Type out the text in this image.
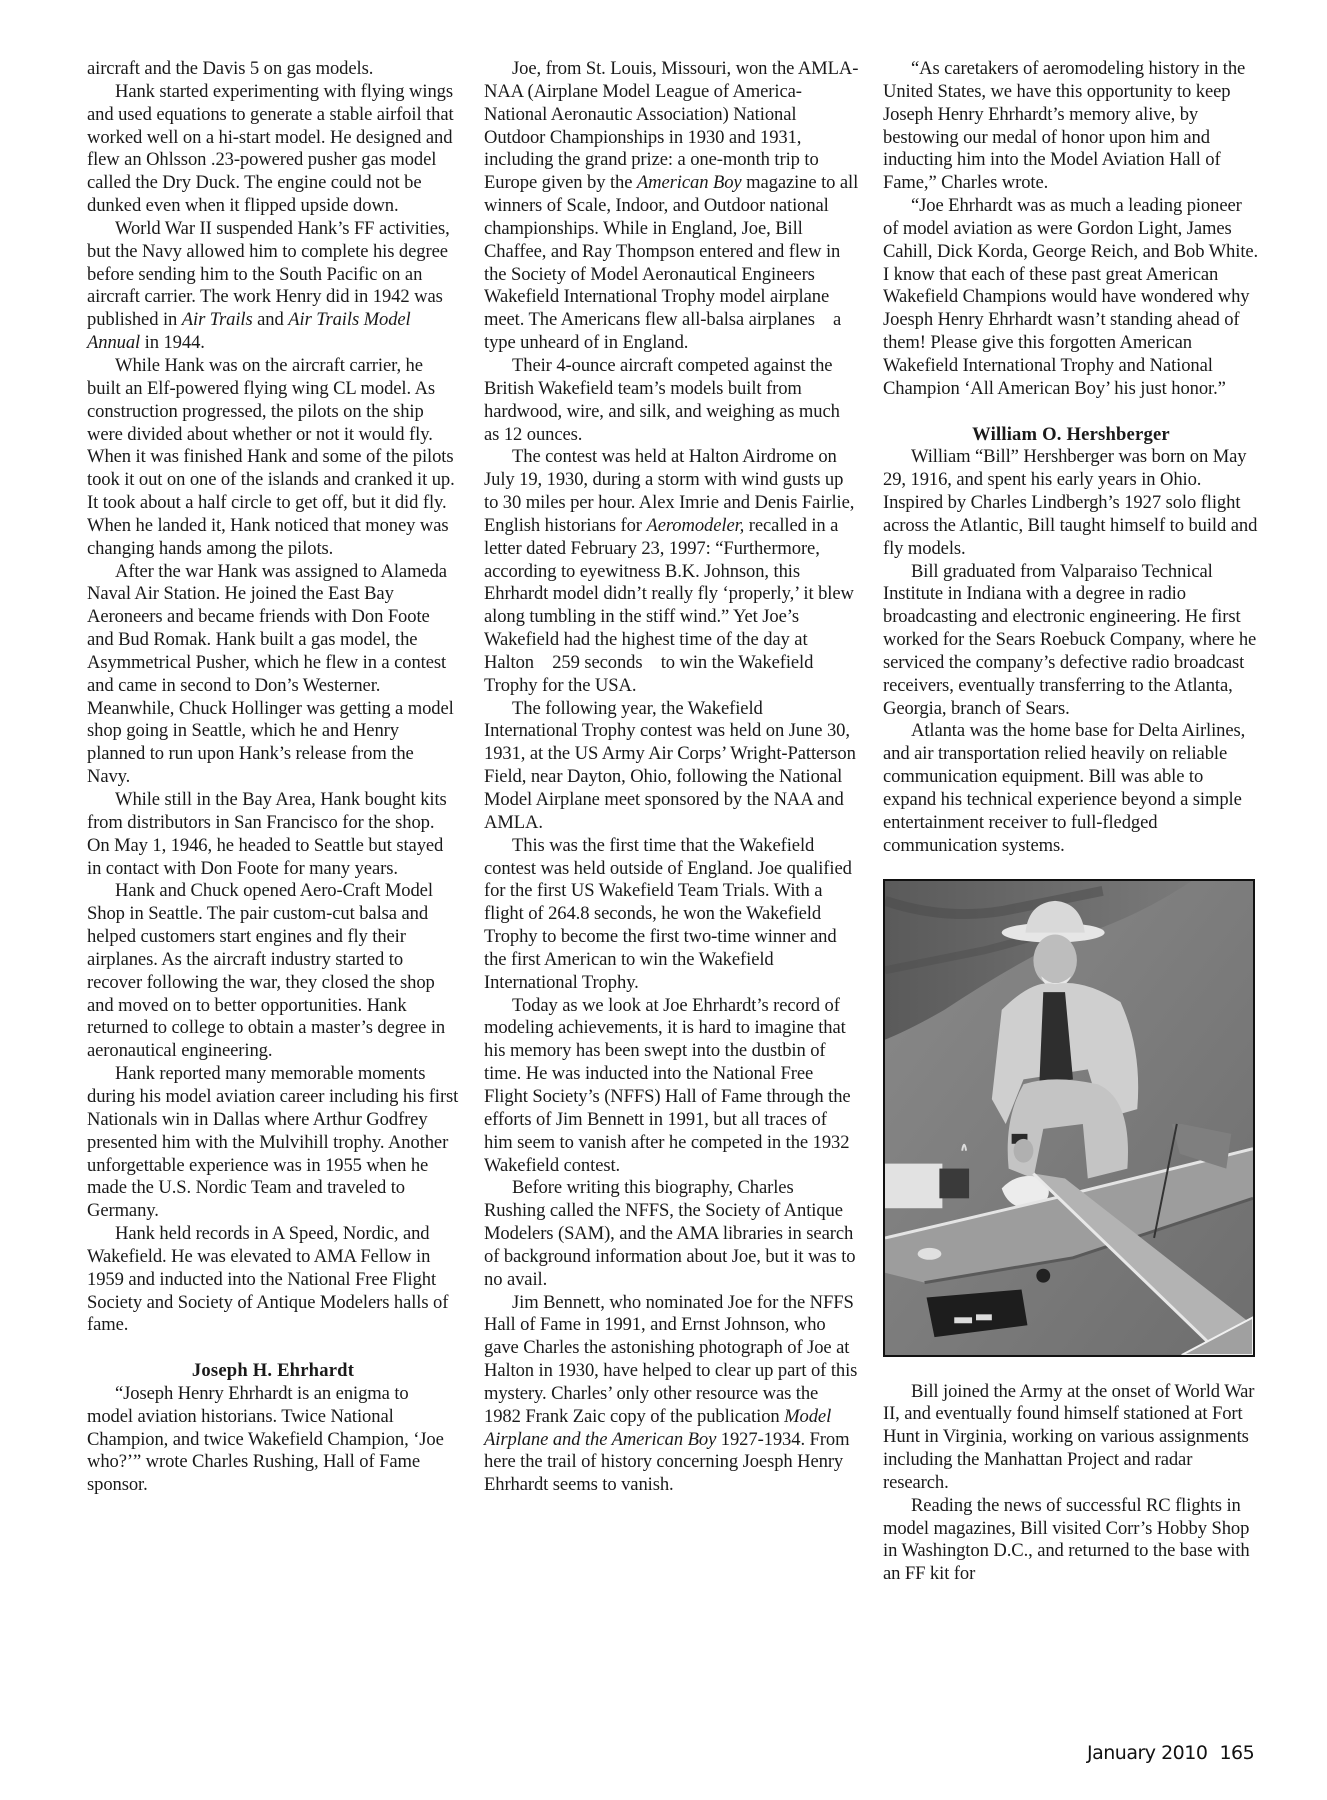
aircraft and the Davis 5 on gas models.

Hank started experimenting with flying wings and used equations to generate a stable airfoil that worked well on a hi-start model. He designed and flew an Ohlsson .23-powered pusher gas model called the Dry Duck. The engine could not be dunked even when it flipped upside down.

World War II suspended Hank’s FF activities, but the Navy allowed him to complete his degree before sending him to the South Pacific on an aircraft carrier. The work Henry did in 1942 was published in Air Trails and Air Trails Model Annual in 1944.

While Hank was on the aircraft carrier, he built an Elf-powered flying wing CL model. As construction progressed, the pilots on the ship were divided about whether or not it would fly. When it was finished Hank and some of the pilots took it out on one of the islands and cranked it up. It took about a half circle to get off, but it did fly. When he landed it, Hank noticed that money was changing hands among the pilots.

After the war Hank was assigned to Alameda Naval Air Station. He joined the East Bay Aeroneers and became friends with Don Foote and Bud Romak. Hank built a gas model, the Asymmetrical Pusher, which he flew in a contest and came in second to Don’s Westerner. Meanwhile, Chuck Hollinger was getting a model shop going in Seattle, which he and Henry planned to run upon Hank’s release from the Navy.

While still in the Bay Area, Hank bought kits from distributors in San Francisco for the shop. On May 1, 1946, he headed to Seattle but stayed in contact with Don Foote for many years.

Hank and Chuck opened Aero-Craft Model Shop in Seattle. The pair custom-cut balsa and helped customers start engines and fly their airplanes. As the aircraft industry started to recover following the war, they closed the shop and moved on to better opportunities. Hank returned to college to obtain a master’s degree in aeronautical engineering.

Hank reported many memorable moments during his model aviation career including his first Nationals win in Dallas where Arthur Godfrey presented him with the Mulvihill trophy. Another unforgettable experience was in 1955 when he made the U.S. Nordic Team and traveled to Germany.

Hank held records in A Speed, Nordic, and Wakefield. He was elevated to AMA Fellow in 1959 and inducted into the National Free Flight Society and Society of Antique Modelers halls of fame.

Joseph H. Ehrhardt

“Joseph Henry Ehrhardt is an enigma to model aviation historians. Twice National Champion, and twice Wakefield Champion, ‘Joe who?’” wrote Charles Rushing, Hall of Fame sponsor.

Joe, from St. Louis, Missouri, won the AMLA-NAA (Airplane Model League of America-National Aeronautic Association) National Outdoor Championships in 1930 and 1931, including the grand prize: a one-month trip to Europe given by the American Boy magazine to all winners of Scale, Indoor, and Outdoor national championships. While in England, Joe, Bill Chaffee, and Ray Thompson entered and flew in the Society of Model Aeronautical Engineers Wakefield International Trophy model airplane meet. The Americans flew all-balsa airplanes    a type unheard of in England.

Their 4-ounce aircraft competed against the British Wakefield team’s models built from hardwood, wire, and silk, and weighing as much as 12 ounces.

The contest was held at Halton Airdrome on July 19, 1930, during a storm with wind gusts up to 30 miles per hour. Alex Imrie and Denis Fairlie, English historians for Aeromodeler, recalled in a letter dated February 23, 1997: “Furthermore, according to eyewitness B.K. Johnson, this Ehrhardt model didn’t really fly ‘properly,’ it blew along tumbling in the stiff wind.” Yet Joe’s Wakefield had the highest time of the day at Halton    259 seconds    to win the Wakefield Trophy for the USA.

The following year, the Wakefield International Trophy contest was held on June 30, 1931, at the US Army Air Corps’ Wright-Patterson Field, near Dayton, Ohio, following the National Model Airplane meet sponsored by the NAA and AMLA.

This was the first time that the Wakefield contest was held outside of England. Joe qualified for the first US Wakefield Team Trials. With a flight of 264.8 seconds, he won the Wakefield Trophy to become the first two-time winner and the first American to win the Wakefield International Trophy.

Today as we look at Joe Ehrhardt’s record of modeling achievements, it is hard to imagine that his memory has been swept into the dustbin of time. He was inducted into the National Free Flight Society’s (NFFS) Hall of Fame through the efforts of Jim Bennett in 1991, but all traces of him seem to vanish after he competed in the 1932 Wakefield contest.

Before writing this biography, Charles Rushing called the NFFS, the Society of Antique Modelers (SAM), and the AMA libraries in search of background information about Joe, but it was to no avail.

Jim Bennett, who nominated Joe for the NFFS Hall of Fame in 1991, and Ernst Johnson, who gave Charles the astonishing photograph of Joe at Halton in 1930, have helped to clear up part of this mystery. Charles’ only other resource was the 1982 Frank Zaic copy of the publication Model Airplane and the American Boy 1927-1934. From here the trail of history concerning Joesph Henry Ehrhardt seems to vanish.

“As caretakers of aeromodeling history in the United States, we have this opportunity to keep Joseph Henry Ehrhardt’s memory alive, by bestowing our medal of honor upon him and inducting him into the Model Aviation Hall of Fame,” Charles wrote.

“Joe Ehrhardt was as much a leading pioneer of model aviation as were Gordon Light, James Cahill, Dick Korda, George Reich, and Bob White. I know that each of these past great American Wakefield Champions would have wondered why Joesph Henry Ehrhardt wasn’t standing ahead of them! Please give this forgotten American Wakefield International Trophy and National Champion ‘All American Boy’ his just honor.”

William O. Hershberger

William “Bill” Hershberger was born on May 29, 1916, and spent his early years in Ohio. Inspired by Charles Lindbergh’s 1927 solo flight across the Atlantic, Bill taught himself to build and fly models.

Bill graduated from Valparaiso Technical Institute in Indiana with a degree in radio broadcasting and electronic engineering. He first worked for the Sears Roebuck Company, where he serviced the company’s defective radio broadcast receivers, eventually transferring to the Atlanta, Georgia, branch of Sears.

Atlanta was the home base for Delta Airlines, and air transportation relied heavily on reliable communication equipment. Bill was able to expand his technical experience beyond a simple entertainment receiver to full-fledged communication systems.

Bill joined the Army at the onset of World War II, and eventually found himself stationed at Fort Hunt in Virginia, working on various assignments including the Manhattan Project and radar research.

Reading the news of successful RC flights in model magazines, Bill visited Corr’s Hobby Shop in Washington D.C., and returned to the base with an FF kit for

January 2010 165
